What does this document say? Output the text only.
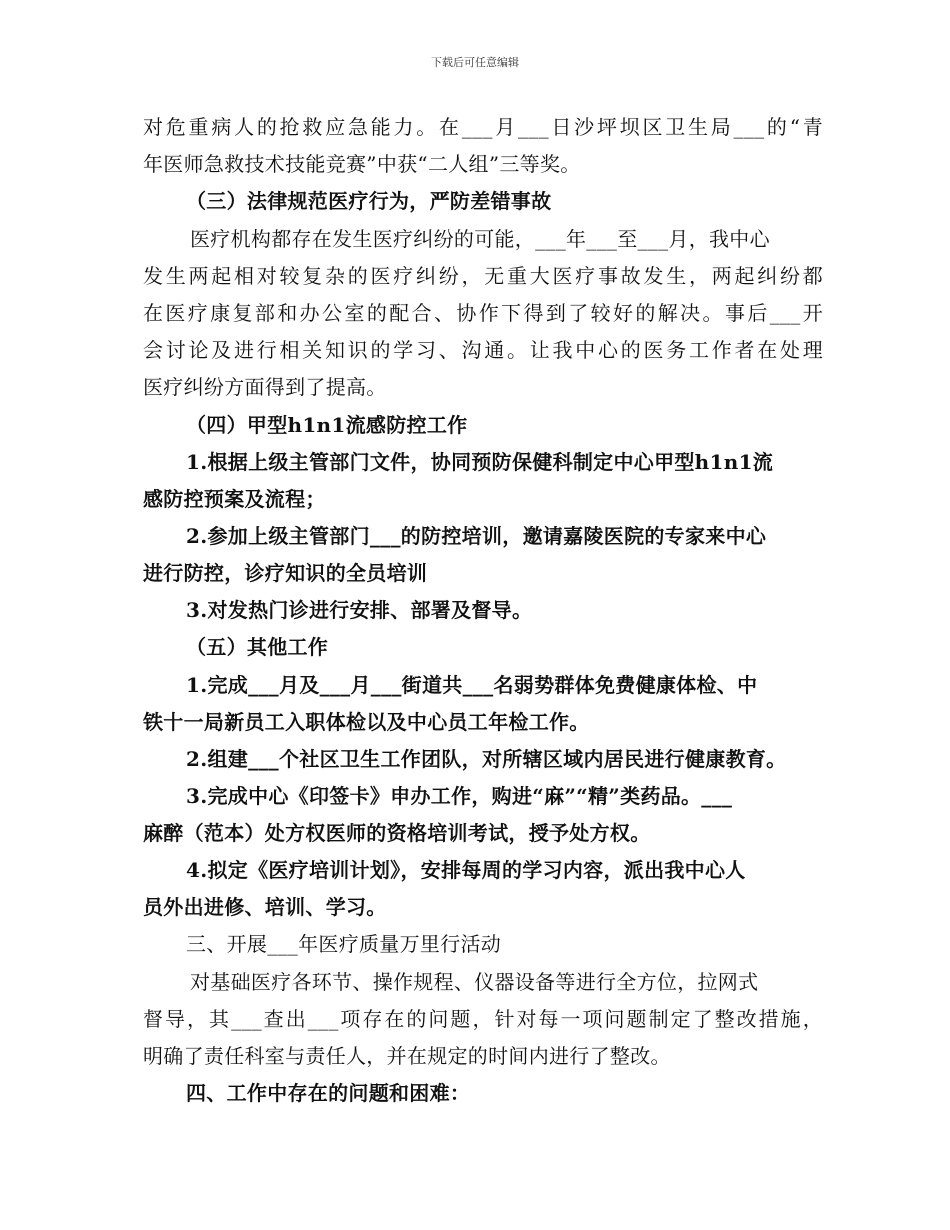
下载后可任意编辑
对危重病人的抢救应急能力。在___月___日沙坪坝区卫生局___的“青
年医师急救技术技能竞赛”中获“二人组”三等奖。
（三）法律规范医疗行为，严防差错事故
医疗机构都存在发生医疗纠纷的可能，___年___至___月，我中心
发生两起相对较复杂的医疗纠纷，无重大医疗事故发生，两起纠纷都
在医疗康复部和办公室的配合、协作下得到了较好的解决。事后___开
会讨论及进行相关知识的学习、沟通。让我中心的医务工作者在处理
医疗纠纷方面得到了提高。
（四）甲型h1n1流感防控工作
1.根据上级主管部门文件，协同预防保健科制定中心甲型h1n1流
感防控预案及流程；
2.参加上级主管部门___的防控培训，邀请嘉陵医院的专家来中心
进行防控，诊疗知识的全员培训
3.对发热门诊进行安排、部署及督导。
（五）其他工作
1.完成___月及___月___街道共___名弱势群体免费健康体检、中
铁十一局新员工入职体检以及中心员工年检工作。
2.组建___个社区卫生工作团队，对所辖区域内居民进行健康教育。
3.完成中心《印签卡》申办工作，购进“麻”“精”类药品。___
麻醉（范本）处方权医师的资格培训考试，授予处方权。
4.拟定《医疗培训计划》，安排每周的学习内容，派出我中心人
员外出进修、培训、学习。
三、开展___年医疗质量万里行活动
对基础医疗各环节、操作规程、仪器设备等进行全方位，拉网式
督导，其___查出___项存在的问题，针对每一项问题制定了整改措施，
明确了责任科室与责任人，并在规定的时间内进行了整改。
四、工作中存在的问题和困难：
